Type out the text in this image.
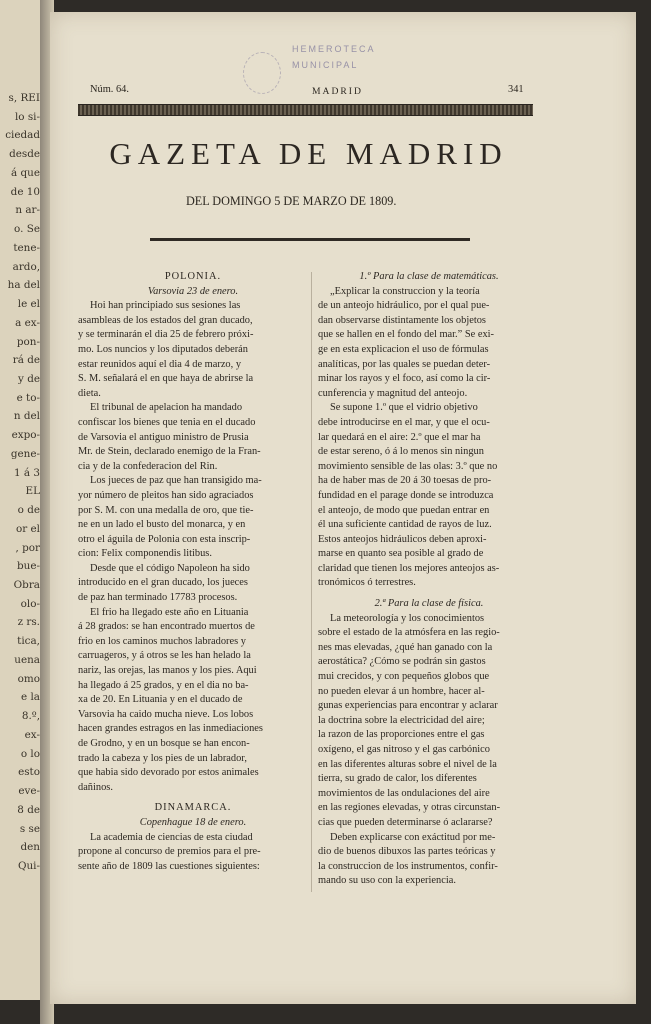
s, REI
lo si-
ciedad
desde
á que
de 10
n ar-
o. Se
tene-
ardo,
ha del
le el
a ex-
pon-
rá de
y de
e to-
n del
expo-
gene-
1 á 3
EL
o de
or el
, por
bue-
Obra
olo-
z rs.
tica,
uena
omo
e la
8.º,
ex-
o lo
esto
eve-
8 de
s se
den
Qui-
HEMEROTECA
MUNICIPAL
Núm. 64.	MADRID	341
GAZETA DE MADRID
DEL DOMINGO 5 DE MARZO DE 1809.
POLONIA.
Varsovia 23 de enero.
Hoi han principiado sus sesiones las
asambleas de los estados del gran ducado,
y se terminarán el dia 25 de febrero próxi-
mo. Los nuncios y los diputados deberán
estar reunidos aquí el dia 4 de marzo, y
S. M. señalará el en que haya de abrirse la
dieta.
El tribunal de apelacion ha mandado
confiscar los bienes que tenia en el ducado
de Varsovia el antiguo ministro de Prusia
Mr. de Stein, declarado enemigo de la Fran-
cia y de la confederacion del Rin.
Los jueces de paz que han transigido ma-
yor número de pleitos han sido agraciados
por S. M. con una medalla de oro, que tie-
ne en un lado el busto del monarca, y en
otro el águila de Polonia con esta inscrip-
cion: Felix componendis litibus.
Desde que el código Napoleon ha sido
introducido en el gran ducado, los jueces
de paz han terminado 17783 procesos.
El frio ha llegado este año en Lituania
á 28 grados: se han encontrado muertos de
frio en los caminos muchos labradores y
carruageros, y á otros se les han helado la
nariz, las orejas, las manos y los pies. Aqui
ha llegado á 25 grados, y en el dia no ba-
xa de 20. En Lituania y en el ducado de
Varsovia ha caido mucha nieve. Los lobos
hacen grandes estragos en las inmediaciones
de Grodno, y en un bosque se han encon-
trado la cabeza y los pies de un labrador,
que habia sido devorado por estos animales
dañinos.
DINAMARCA.
Copenhague 18 de enero.
La academia de ciencias de esta ciudad
propone al concurso de premios para el pre-
sente año de 1809 las cuestiones siguientes:
1.º Para la clase de matemáticas.
„Explicar la construccion y la teoría
de un anteojo hidráulico, por el qual pue-
dan observarse distintamente los objetos
que se hallen en el fondo del mar.” Se exi-
ge en esta explicacion el uso de fórmulas
analíticas, por las quales se puedan deter-
minar los rayos y el foco, así como la cir-
cunferencia y magnitud del anteojo.
Se supone 1.º que el vidrio objetivo
debe introducirse en el mar, y que el ocu-
lar quedará en el aire: 2.º que el mar ha
de estar sereno, ó á lo menos sin ningun
movimiento sensible de las olas: 3.º que no
ha de haber mas de 20 á 30 toesas de pro-
fundidad en el parage donde se introduzca
el anteojo, de modo que puedan entrar en
él una suficiente cantidad de rayos de luz.
Estos anteojos hidráulicos deben aproxi-
marse en quanto sea posible al grado de
claridad que tienen los mejores anteojos as-
tronómicos ó terrestres.
2.ª Para la clase de física.
La meteorología y los conocimientos
sobre el estado de la atmósfera en las regio-
nes mas elevadas, ¿qué han ganado con la
aerostática? ¿Cómo se podrán sin gastos
mui crecidos, y con pequeños globos que
no pueden elevar á un hombre, hacer al-
gunas experiencias para encontrar y aclarar
la doctrina sobre la electricidad del aire;
la razon de las proporciones entre el gas
oxígeno, el gas nitroso y el gas carbónico
en las diferentes alturas sobre el nivel de la
tierra, su grado de calor, los diferentes
movimientos de las ondulaciones del aire
en las regiones elevadas, y otras circunstan-
cias que pueden determinarse ó aclararse?
Deben explicarse con exáctitud por me-
dio de buenos dibuxos las partes teóricas y
la construccion de los instrumentos, confir-
mando su uso con la experiencia.
